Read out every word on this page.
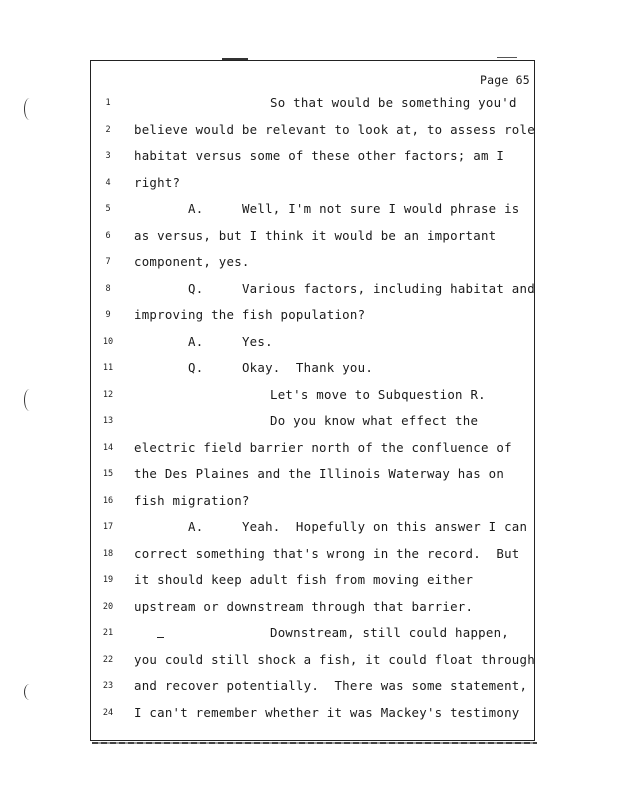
Page 65
1	So that would be something you'd
2	believe would be relevant to look at, to assess role
3	habitat versus some of these other factors; am I
4	right?
5	A.     Well, I'm not sure I would phrase is
6	as versus, but I think it would be an important
7	component, yes.
8	Q.     Various factors, including habitat and
9	improving the fish population?
10	A.     Yes.
11	Q.     Okay.  Thank you.
12	Let's move to Subquestion R.
13	Do you know what effect the
14 electric field barrier north of the confluence of
15 the Des Plaines and the Illinois Waterway has on
16 fish migration?
17	A.     Yeah.  Hopefully on this answer I can
18 correct something that's wrong in the record.  But
19 it should keep adult fish from moving either
20 upstream or downstream through that barrier.
21	Downstream, still could happen,
22 you could still shock a fish, it could float through
23 and recover potentially.  There was some statement,
24 I can't remember whether it was Mackey's testimony
